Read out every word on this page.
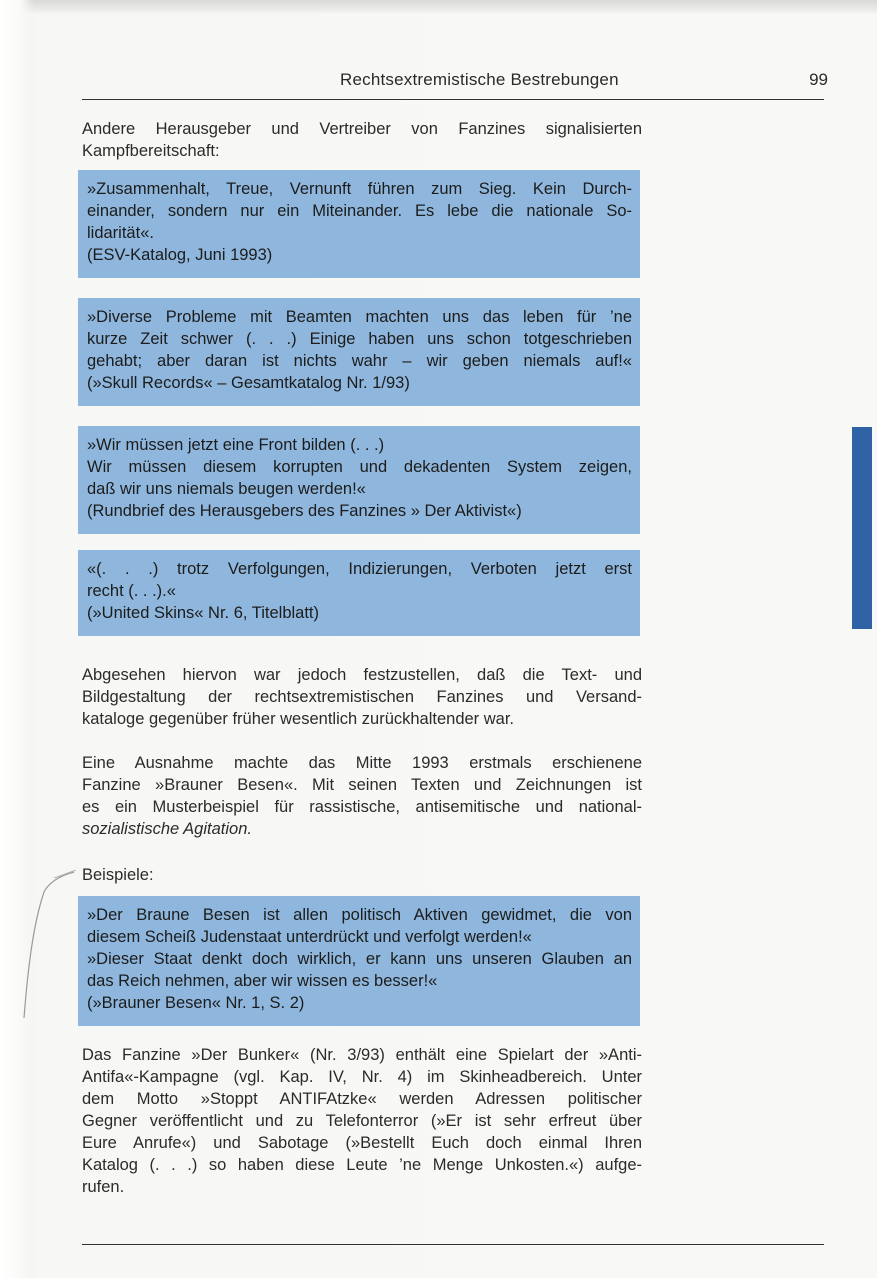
Rechtsextremistische Bestrebungen	99
Andere Herausgeber und Vertreiber von Fanzines signalisierten
Kampfbereitschaft:
»Zusammenhalt, Treue, Vernunft führen zum Sieg. Kein Durch-
einander, sondern nur ein Miteinander. Es lebe die nationale So-
lidarität«.
(ESV-Katalog, Juni 1993)
»Diverse Probleme mit Beamten machten uns das leben für ’ne
kurze Zeit schwer (. . .) Einige haben uns schon totgeschrieben
gehabt; aber daran ist nichts wahr – wir geben niemals auf!«
(»Skull Records« – Gesamtkatalog Nr. 1/93)
»Wir müssen jetzt eine Front bilden (. . .)
Wir müssen diesem korrupten und dekadenten System zeigen,
daß wir uns niemals beugen werden!«
(Rundbrief des Herausgebers des Fanzines » Der Aktivist«)
«(. . .) trotz Verfolgungen, Indizierungen, Verboten jetzt erst
recht (. . .).«
(»United Skins« Nr. 6, Titelblatt)
Abgesehen hiervon war jedoch festzustellen, daß die Text- und
Bildgestaltung der rechtsextremistischen Fanzines und Versand-
kataloge gegenüber früher wesentlich zurückhaltender war.
Eine Ausnahme machte das Mitte 1993 erstmals erschienene
Fanzine »Brauner Besen«. Mit seinen Texten und Zeichnungen ist
es ein Musterbeispiel für rassistische, antisemitische und national-
sozialistische Agitation.
Beispiele:
»Der Braune Besen ist allen politisch Aktiven gewidmet, die von
diesem Scheiß Judenstaat unterdrückt und verfolgt werden!«
»Dieser Staat denkt doch wirklich, er kann uns unseren Glauben an
das Reich nehmen, aber wir wissen es besser!«
(»Brauner Besen« Nr. 1, S. 2)
Das Fanzine »Der Bunker« (Nr. 3/93) enthält eine Spielart der »Anti-
Antifa«-Kampagne (vgl. Kap. IV, Nr. 4) im Skinheadbereich. Unter
dem Motto »Stoppt ANTIFAtzke« werden Adressen politischer
Gegner veröffentlicht und zu Telefonterror (»Er ist sehr erfreut über
Eure Anrufe«) und Sabotage (»Bestellt Euch doch einmal Ihren
Katalog (. . .) so haben diese Leute ’ne Menge Unkosten.«) aufge-
rufen.
